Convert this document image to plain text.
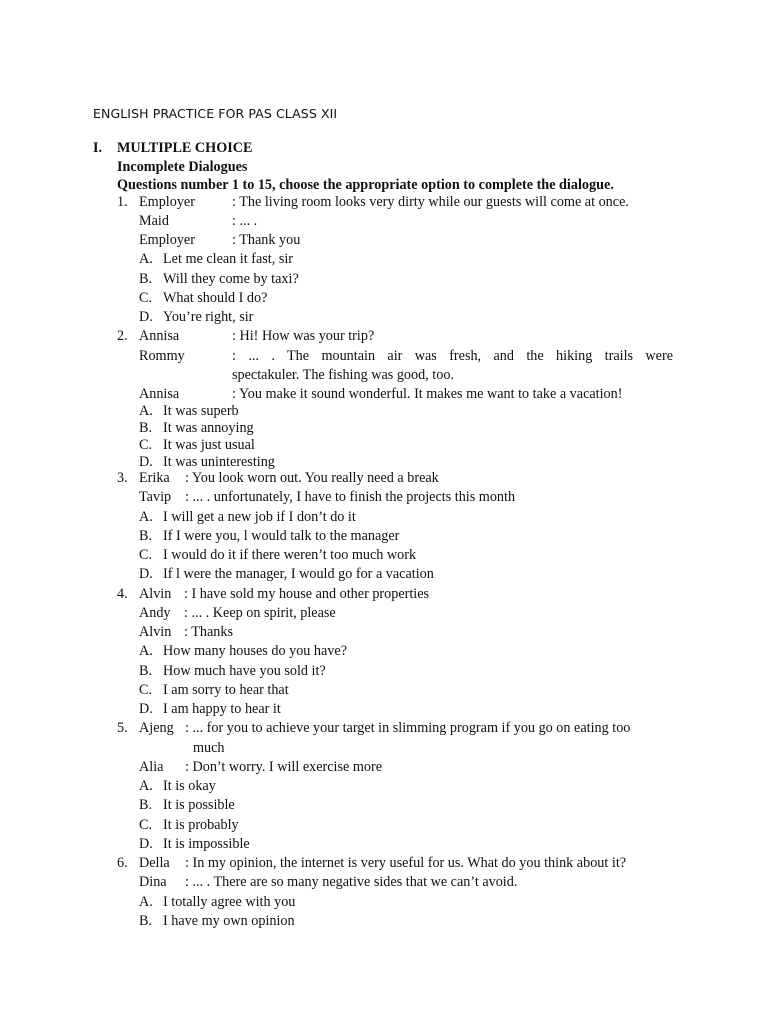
ENGLISH PRACTICE FOR PAS CLASS XII
I. MULTIPLE CHOICE
Incomplete Dialogues
Questions number 1 to 15, choose the appropriate option to complete the dialogue.
1. Employer	: The living room looks very dirty while our guests will come at once.
Maid	: ... .
Employer	: Thank you
A. Let me clean it fast, sir
B. Will they come by taxi?
C. What should I do?
D. You’re right, sir
2. Annisa	: Hi! How was your trip?
Rommy	: ... . The mountain air was fresh, and the hiking trails were
spectakuler. The fishing was good, too.
Annisa	: You make it sound wonderful. It makes me want to take a vacation!
A. It was superb
B. It was annoying
C. It was just usual
D. It was uninteresting
3. Erika : You look worn out. You really need a break
Tavip : ... . unfortunately, I have to finish the projects this month
A. I will get a new job if I don’t do it
B. If I were you, l would talk to the manager
C. I would do it if there weren’t too much work
D. If l were the manager, I would go for a vacation
4. Alvin : I have sold my house and other properties
Andy : ... . Keep on spirit, please
Alvin : Thanks
A. How many houses do you have?
B. How much have you sold it?
C. I am sorry to hear that
D. I am happy to hear it
5. Ajeng : ... for you to achieve your target in slimming program if you go on eating too
much
Alia : Don’t worry. I will exercise more
A. It is okay
B. It is possible
C. It is probably
D. It is impossible
6. Della : In my opinion, the internet is very useful for us. What do you think about it?
Dina : ... . There are so many negative sides that we can’t avoid.
A. I totally agree with you
B. I have my own opinion
